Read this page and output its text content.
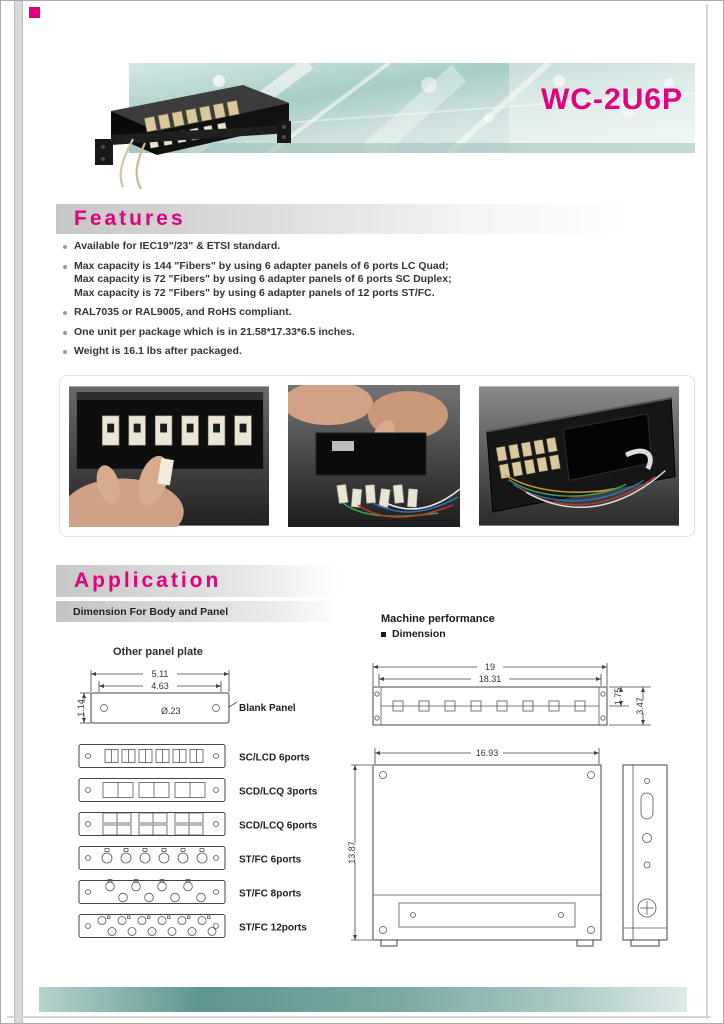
WC-2U6P
Features
Available for IEC19"/23" & ETSI standard.
Max capacity is 144 "Fibers" by using 6 adapter panels of 6 ports LC Quad;
Max capacity is 72 "Fibers" by using 6 adapter panels of 6 ports SC Duplex;
Max capacity is 72 "Fibers" by using 6 adapter panels of 12 ports ST/FC.
RAL7035 or RAL9005, and RoHS compliant.
One unit per package which is in 21.58*17.33*6.5 inches.
Weight is 16.1 lbs after packaged.
Application
Dimension For Body and Panel
Machine performance
Dimension
Other panel plate
5.11
4.63
1.14	Ø.23	Blank Panel
SC/LCD 6ports
SCD/LCQ 3ports
SCD/LCQ 6ports
ST/FC 6ports
ST/FC 8ports
ST/FC 12ports
19
18.31
1.75
3.47
16.93
13.87
